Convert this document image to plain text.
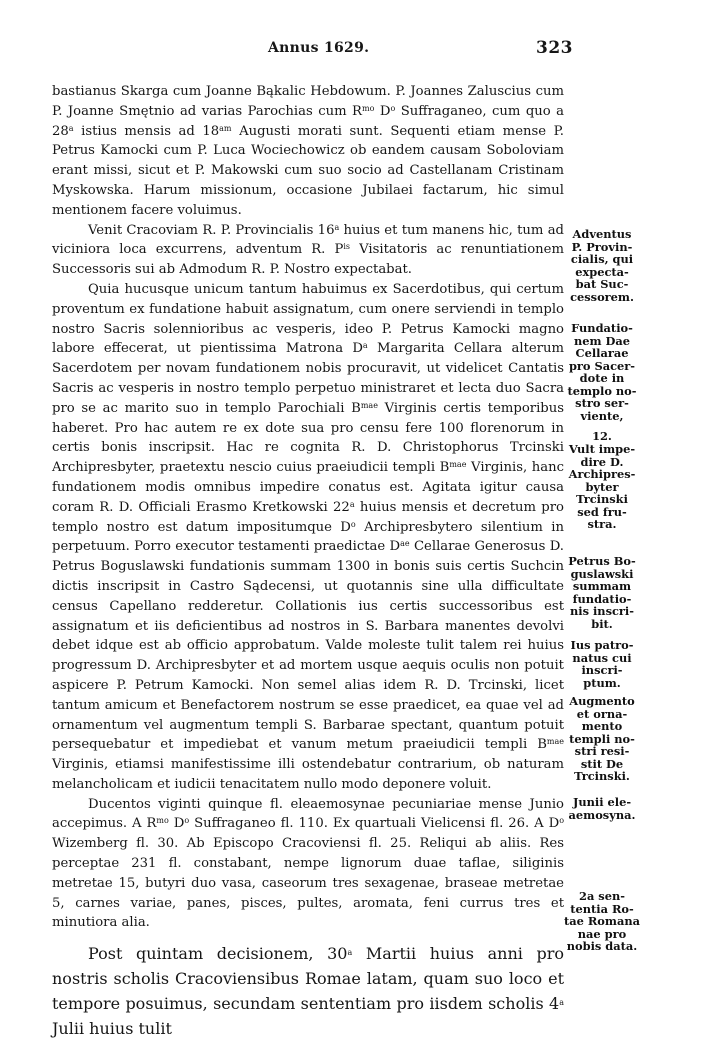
Annus 1629.	323

bastianus Skarga cum Joanne Bąkalic Hebdowum. P. Joannes Zaluscius cum P. Joanne Smętnio ad varias Parochias cum $R^{mo}$ $D^o$ Suffraganeo, cum quo a 28$^a$ istius mensis ad $18^{am}$ Augusti morati sunt. Sequenti etiam mense P. Petrus Kamocki cum P. Luca Wociechowicz ob eandem causam Soboloviam erant missi, sicut et P. Makowski cum suo socio ad Castellanam Cristinam Myskowska. Harum missionum, occasione Jubilaei factarum, hic simul mentionem facere voluimus.

Venit Cracoviam R. P. Provincialis 16$^a$ huius et tum manens hic, tum ad viciniora loca excurrens, adventum R. $P^{is}$ Visitatoris ac renuntiationem Successoris sui ab Admodum R. P. Nostro expectabat.

Quia hucusque unicum tantum habuimus ex Sacerdotibus, qui certum proventum ex fundatione habuit assignatum, cum onere serviendi in templo nostro Sacris solennioribus ac vesperis, ideo P. Petrus Kamocki magno labore effecerat, ut pientissima Matrona $D^a$ Margarita Cellara alterum Sacerdotem per novam fundationem nobis procuravit, ut videlicet Cantatis Sacris ac vesperis in nostro templo perpetuo ministraret et lecta duo Sacra pro se ac marito suo in templo Parochiali $B^{mae}$ Virginis certis temporibus haberet. Pro hac autem re ex dote sua pro censu fere 100 florenorum in certis bonis inscripsit. Hac re cognita R. D. Christophorus Trcinski Archipresbyter, praetextu nescio cuius praeiudicii templi $B^{mae}$ Virginis, hanc fundationem modis omnibus impedire conatus est. Agitata igitur causa coram R. D. Officiali Erasmo Kretkowski 22$^a$ huius mensis et decretum pro templo nostro est datum impositumque $D^o$ Archipresbytero silentium in perpetuum. Porro executor testamenti praedictae $D^{ae}$ Cellarae Generosus D. Petrus Boguslawski fundationis summam 1300 in bonis suis certis Suchcin dictis inscripsit in Castro Sądecensi, ut quotannis sine ulla difficultate census Capellano redderetur. Collationis ius certis successoribus est assignatum et iis deficientibus ad nostros in S. Barbara manentes devolvi debet idque est ab officio approbatum. Valde moleste tulit talem rei huius progressum D. Archipresbyter et ad mortem usque aequis oculis non potuit aspicere P. Petrum Kamocki. Non semel alias idem R. D. Trcinski, licet tantum amicum et Benefactorem nostrum se esse praedicet, ea quae vel ad ornamentum vel augmentum templi S. Barbarae spectant, quantum potuit persequebatur et impediebat et vanum metum praeiudicii templi $B^{mae}$ Virginis, etiamsi manifestissime illi ostendebatur contrarium, ob naturam melancholicam et iudicii tenacitatem nullo modo deponere voluit.

Ducentos viginti quinque fl. eleaemosynae pecuniariae mense Junio accepimus. A $R^{mo}$ $D^o$ Suffraganeo fl. 110. Ex quartuali Vielicensi fl. 26. A $D^o$ Wizemberg fl. 30. Ab Episcopo Cracoviensi fl. 25. Reliqui ab aliis. Res perceptae 231 fl. constabant, nempe lignorum duae taflae, siliginis metretae 15, butyri duo vasa, caseorum tres sexagenae, braseae metretae 5, carnes variae, panes, pisces, pultes, aromata, feni currus tres et minutiora alia.

Post quintam decisionem, 30$^a$ Martii huius anni pro nostris scholis Cracoviensibus Romae latam, quam suo loco et tempore posuimus, secundam sententiam pro iisdem scholis 4$^a$ Julii huius tulit

Adventus
P. Provin-
cialis, qui
expecta-
bat Suc-
cessorem.
Fundatio-
nem Dae
Cellarae
pro Sacer-
dote in
templo no-
stro ser-
viente,
12.
Vult impe-
dire D.
Archipres-
byter
Trcinski
sed fru-
stra.
Petrus Bo-
guslawski
summam
fundatio-
nis inscri-
bit.
Ius patro-
natus cui
inscri-
ptum.
Augmento
et orna-
mento
templi no-
stri resi-
stit De
Trcinski.
Junii ele-
aemosyna.
2a sen-
tentia Ro-
tae Romana
nae pro
nobis data.
